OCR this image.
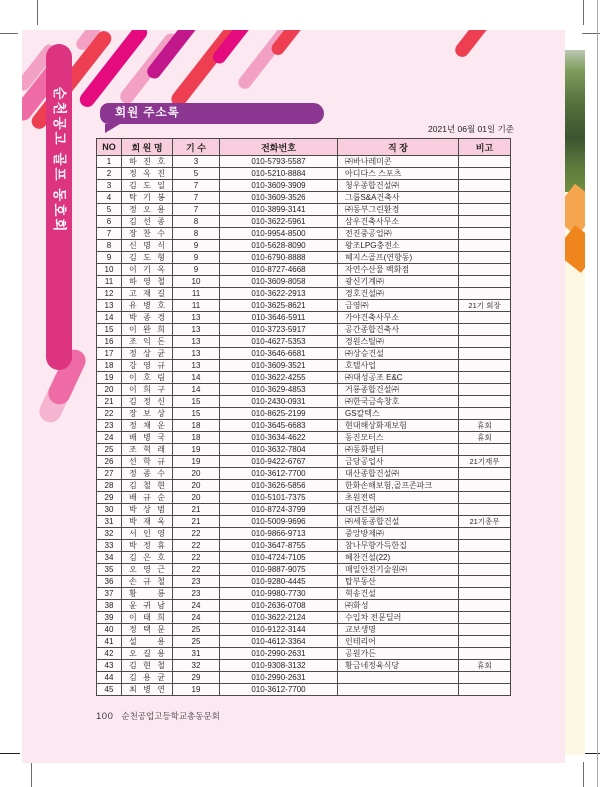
순천공고 골프 동호회	회원 주소록
2021년 06월 01일 기준
NO	회 원 명	기 수	전화번호	직 장	비고
1	하 진 호	3	010-5793-5587	㈜바나레미콘	
2	정 옥 진	5	010-5210-8884	아디다스 스포츠	
3	김 도 일	7	010-3609-3909	청우종합건설㈜	
4	탁 기 봉	7	010-3609-3526	그룹S&A건축사	
5	정 오 용	7	010-3899-3141	㈜동부그린환경	
6	김 선 종	8	010-3622-5961	삼우건축사무소	
7	장 찬 수	8	010-9954-8500	전진중공업㈜	
8	신 명 식	9	010-5628-8090	왕조LPG충전소	
9	김 도 형	9	010-6790-8888	헤지스골프(연향동)	
10	이 기 옥	9	010-8727-4668	자연수산물 백화점	
11	하 영 철	10	010-3609-8058	광신기계㈜	
12	고 재 길	11	010-3622-2913	경호건설㈜	
13	유 병 호	11	010-3625-8621	금영㈜	21기 회장
14	박 종 경	13	010-3646-5911	가야건축사무소	
15	이 완 희	13	010-3723-5917	공간종합건축사	
16	조 익 돈	13	010-4627-5353	경원스틸㈜	
17	정 상 균	13	010-3646-6681	㈜상승건설	
18	강 영 규	13	010-3609-3521	호텔사업	
19	이 호 림	14	010-3622-4255	㈜대성공조 E&C	
20	이 희 구	14	010-3629-4853	거룡종합건설㈜	
21	김 정 신	15	010-2430-0931	㈜한국금속창호	
22	장 보 상	15	010-8625-2199	GS칼텍스	
23	정 채 운	18	010-3645-6683	현대해상화재보험	휴회
24	배 병 국	18	010-3634-4622	동진모터스	휴회
25	조 혁 래	19	010-3632-7804	㈜동화필터	
26	선 학 규	19	010-9422-6767	금당공업사	21기재무
27	정 종 수	20	010-3612-7700	대산종합건설㈜	
28	김 철 현	20	010-3626-5856	한화손해보험,골프존파크	
29	배 규 순	20	010-5101-7375	초원전력	
30	박 상 범	21	010-8724-3799	대건건설㈜	
31	박 재 욱	21	010-5009-9696	㈜세동종합건설	21기총무
32	서 인 영	22	010-9866-9713	중앙방제㈜	
33	박 정 휴	22	010-3647-8755	참나무향가득한집	
34	김 은 호	22	010-4724-7105	혜찬건설(22)	
35	오 영 근	22	010-9887-9075	매일안전기술원㈜	
36	손 규 철	23	010-9280-4445	탑부동산	
37	황 룡	23	010-9980-7730	혁송건설	
38	윤 귀 남	24	010-2636-0708	㈜화성	
39	이 태 희	24	010-3622-2124	수입차 전문딜러	
40	정 택 문	25	010-9122-3144	교보생명	
41	설 용	25	010-4612-3364	인테리어	
42	오 길 용	31	010-2990-2631	공원가든	
43	김 현 철	32	010-9308-3132	황금네정육식당	휴회
44	김 용 균	29	010-2990-2631		
45	최 병 연	19	010-3612-7700		
100 순천공업고등학교총동문회
